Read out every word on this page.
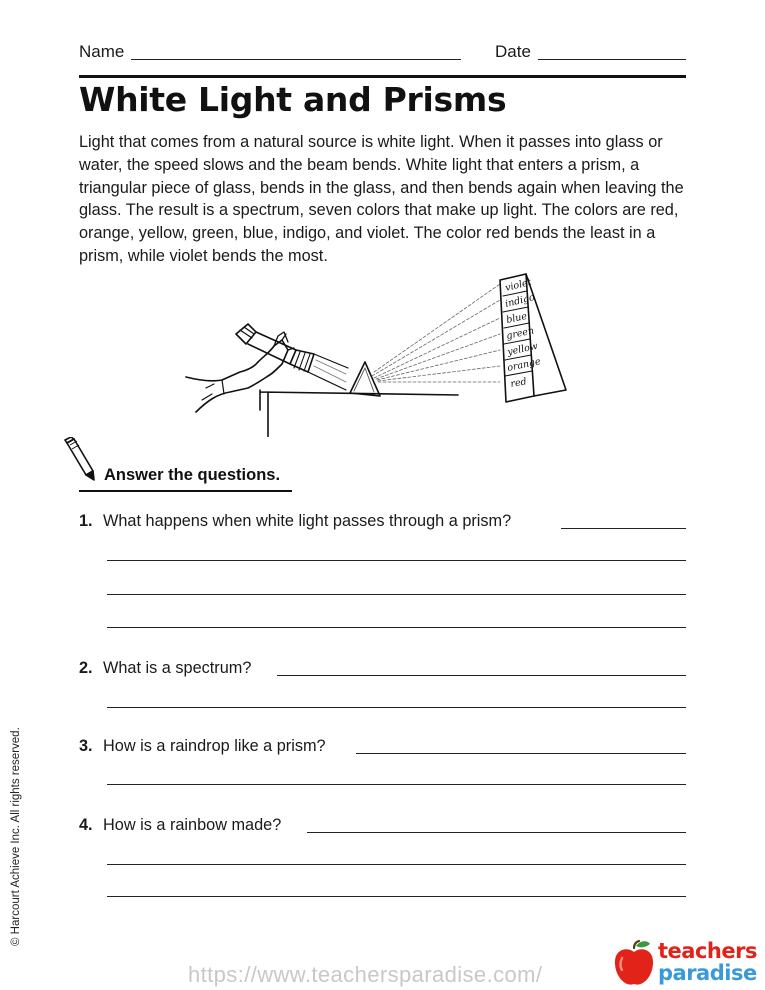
Name	Date
White Light and Prisms

Light that comes from a natural source is white light. When it passes into glass or water, the speed slows and the beam bends. White light that enters a prism, a triangular piece of glass, bends in the glass, and then bends again when leaving the glass. The result is a spectrum, seven colors that make up light. The colors are red, orange, yellow, green, blue, indigo, and violet. The color red bends the least in a prism, while violet bends the most.

violet
indigo
blue
green
yellow
orange
red
Answer the questions.
1. What happens when white light passes through a prism?
2. What is a spectrum?
3. How is a raindrop like a prism?
4. How is a rainbow made?
© Harcourt Achieve Inc. All rights reserved.
https://www.teachersparadise.com/
teachers
paradise
